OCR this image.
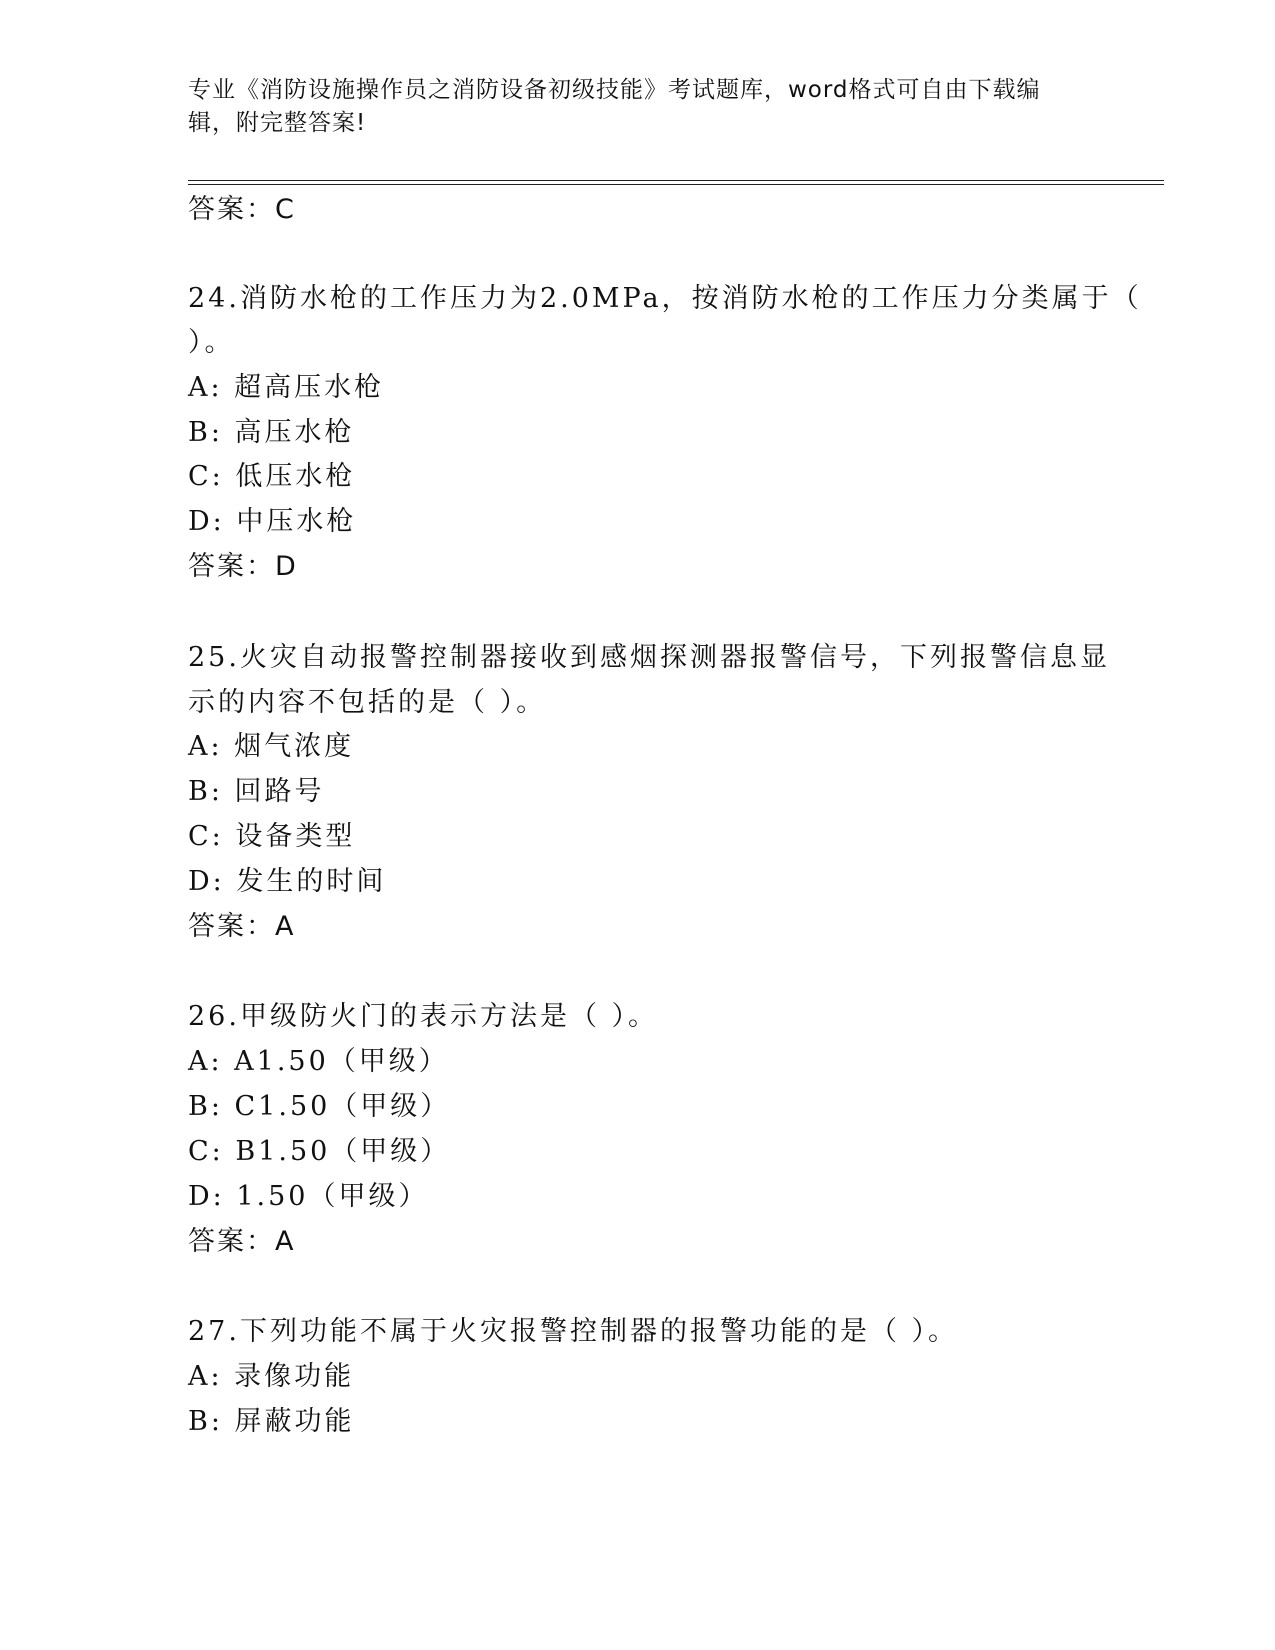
专业《消防设施操作员之消防设备初级技能》考试题库，word格式可自由下载编
辑，附完整答案!
答案：C
24.消防水枪的工作压力为2.0MPa，按消防水枪的工作压力分类属于（
）。
A: 超高压水枪
B: 高压水枪
C: 低压水枪
D: 中压水枪
答案：D
25.火灾自动报警控制器接收到感烟探测器报警信号，下列报警信息显
示的内容不包括的是（ ）。
A: 烟气浓度
B: 回路号
C: 设备类型
D: 发生的时间
答案：A
26.甲级防火门的表示方法是（ ）。
A: A1.50（甲级）
B: C1.50（甲级）
C: B1.50（甲级）
D: 1.50（甲级）
答案：A
27.下列功能不属于火灾报警控制器的报警功能的是（ ）。
A: 录像功能
B: 屏蔽功能
